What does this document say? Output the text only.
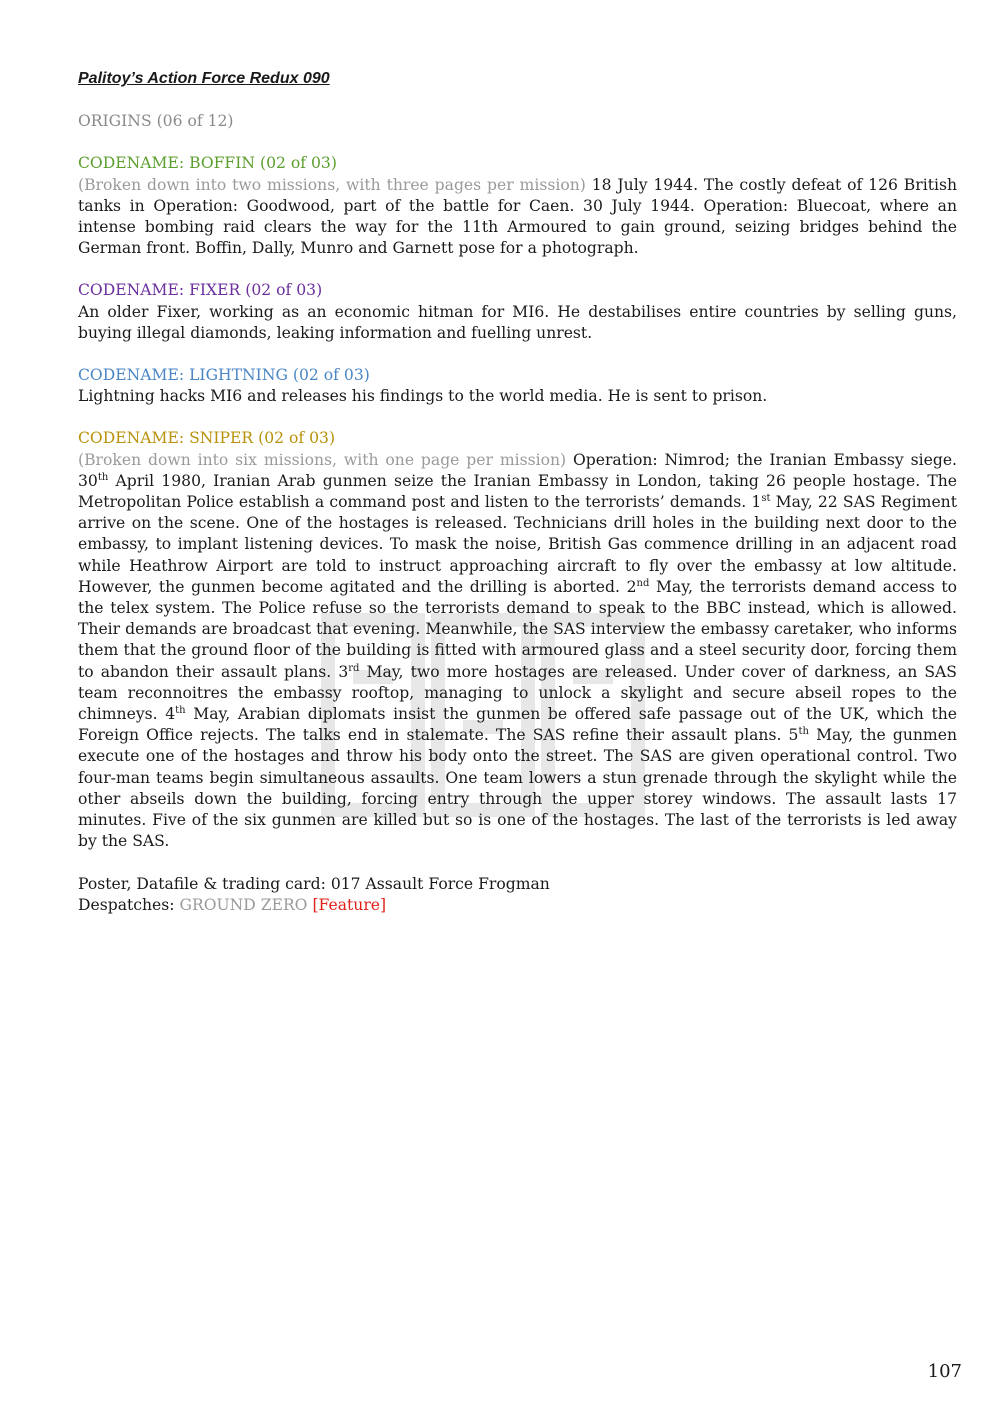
Palitoy’s Action Force Redux 090

ORIGINS (06 of 12)

CODENAME: BOFFIN (02 of 03)

(Broken down into two missions, with three pages per mission) 18 July 1944. The costly defeat of 126 British tanks in Operation: Goodwood, part of the battle for Caen. 30 July 1944. Operation: Bluecoat, where an intense bombing raid clears the way for the 11th Armoured to gain ground, seizing bridges behind the German front. Boffin, Dally, Munro and Garnett pose for a photograph.

CODENAME: FIXER (02 of 03)

An older Fixer, working as an economic hitman for MI6. He destabilises entire countries by selling guns, buying illegal diamonds, leaking information and fuelling unrest.

CODENAME: LIGHTNING (02 of 03)

Lightning hacks MI6 and releases his findings to the world media. He is sent to prison.

CODENAME: SNIPER (02 of 03)

(Broken down into six missions, with one page per mission) Operation: Nimrod; the Iranian Embassy siege. 30th April 1980, Iranian Arab gunmen seize the Iranian Embassy in London, taking 26 people hostage. The Metropolitan Police establish a command post and listen to the terrorists’ demands. 1st May, 22 SAS Regiment arrive on the scene. One of the hostages is released. Technicians drill holes in the building next door to the embassy, to implant listening devices. To mask the noise, British Gas commence drilling in an adjacent road while Heathrow Airport are told to instruct approaching aircraft to fly over the embassy at low altitude. However, the gunmen become agitated and the drilling is aborted. 2nd May, the terrorists demand access to the telex system. The Police refuse so the terrorists demand to speak to the BBC instead, which is allowed. Their demands are broadcast that evening. Meanwhile, the SAS interview the embassy caretaker, who informs them that the ground floor of the building is fitted with armoured glass and a steel security door, forcing them to abandon their assault plans. 3rd May, two more hostages are released. Under cover of darkness, an SAS team reconnoitres the embassy rooftop, managing to unlock a skylight and secure abseil ropes to the chimneys. 4th May, Arabian diplomats insist the gunmen be offered safe passage out of the UK, which the Foreign Office rejects. The talks end in stalemate. The SAS refine their assault plans. 5th May, the gunmen execute one of the hostages and throw his body onto the street. The SAS are given operational control. Two four-man teams begin simultaneous assaults. One team lowers a stun grenade through the skylight while the other abseils down the building, forcing entry through the upper storey windows. The assault lasts 17 minutes. Five of the six gunmen are killed but so is one of the hostages. The last of the terrorists is led away by the SAS.

Poster, Datafile & trading card: 017 Assault Force Frogman

Despatches: GROUND ZERO [Feature]

107
